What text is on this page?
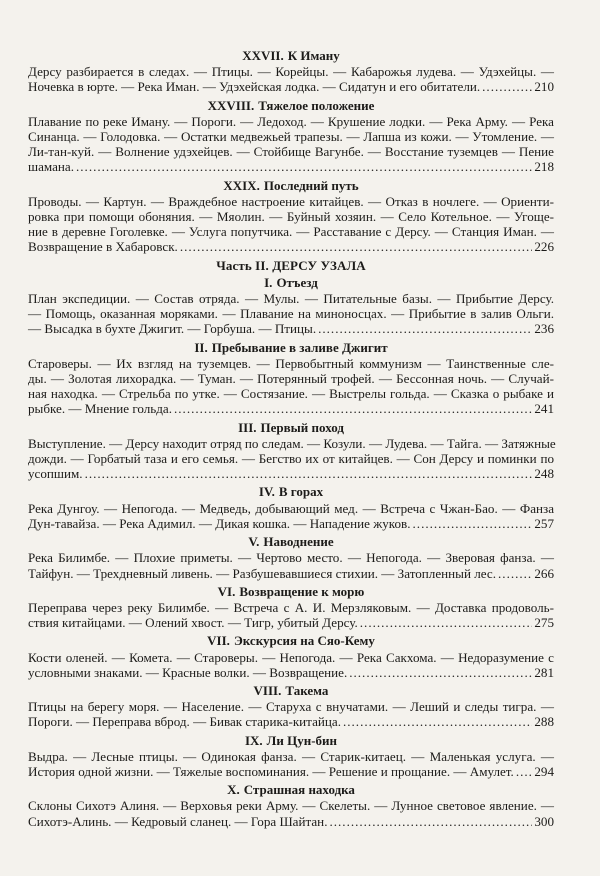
XXVII. К Иману
Дерсу разбирается в следах. — Птицы. — Корейцы. — Кабарожья лудева. — Удэхейцы. —
Ночевка в юрте. — Река Иман. — Удэхейская лодка. — Сидатун и его обитатели. .....	210
XXVIII. Тяжелое положение
Плавание по реке Иману. — Пороги. — Ледоход. — Крушение лодки. — Река Арму. — Река
Синанца. — Голодовка. — Остатки медвежьей трапезы. — Лапша из кожи. — Утомление. —
Ли-тан-куй. — Волнение удэхейцев. — Стойбище Вагунбе. — Восстание туземцев — Пение
шамана. .....	218
XXIX. Последний путь
Проводы. — Картун. — Враждебное настроение китайцев. — Отказ в ночлеге. — Ориенти-
ровка при помощи обоняния. — Мяолин. — Буйный хозяин. — Село Котельное. — Угоще-
ние в деревне Гоголевке. — Услуга попутчика. — Расставание с Дерсу. — Станция Иман. —
Возвращение в Хабаровск. .....	226
Часть II. ДЕРСУ УЗАЛА
I. Отъезд
План экспедиции. — Состав отряда. — Мулы. — Питательные базы. — Прибытие Дерсу.
— Помощь, оказанная моряками. — Плавание на миноносцах. — Прибытие в залив Ольги.
— Высадка в бухте Джигит. — Горбуша. — Птицы. .....	236
II. Пребывание в заливе Джигит
Староверы. — Их взгляд на туземцев. — Первобытный коммунизм — Таинственные сле-
ды. — Золотая лихорадка. — Туман. — Потерянный трофей. — Бессонная ночь. — Случай-
ная находка. — Стрельба по утке. — Состязание. — Выстрелы гольда. — Сказка о рыбаке и
рыбке. — Мнение гольда. .....	241
III. Первый поход
Выступление. — Дерсу находит отряд по следам. — Козули. — Лудева. — Тайга. — Затяжные
дожди. — Горбатый таза и его семья. — Бегство их от китайцев. — Сон Дерсу и поминки по
усопшим. .....	248
IV. В горах
Река Дунгоу. — Непогода. — Медведь, добывающий мед. — Встреча с Чжан-Бао. — Фанза
Дун-тавайза. — Река Адимил. — Дикая кошка. — Нападение жуков. .....	257
V. Наводнение
Река Билимбе. — Плохие приметы. — Чертово место. — Непогода. — Зверовая фанза. —
Тайфун. — Трехдневный ливень. — Разбушевавшиеся стихии. — Затопленный лес. .....	266
VI. Возвращение к морю
Переправа через реку Билимбе. — Встреча с А. И. Мерзляковым. — Доставка продоволь-
ствия китайцами. — Олений хвост. — Тигр, убитый Дерсу. .....	275
VII. Экскурсия на Сяо-Кему
Кости оленей. — Комета. — Староверы. — Непогода. — Река Сакхома. — Недоразумение с
условными знаками. — Красные волки. — Возвращение. .....	281
VIII. Такема
Птицы на берегу моря. — Население. — Старуха с внучатами. — Леший и следы тигра. —
Пороги. — Переправа вброд. — Бивак старика-китайца. .....	288
IX. Ли Цун-бин
Выдра. — Лесные птицы. — Одинокая фанза. — Старик-китаец. — Маленькая услуга. —
История одной жизни. — Тяжелые воспоминания. — Решение и прощание. — Амулет. ..... 294
X. Страшная находка
Склоны Сихотэ Алиня. — Верховья реки Арму. — Скелеты. — Лунное световое явление. —
Сихотэ-Алинь. — Кедровый сланец. — Гора Шайтан. .....	300
